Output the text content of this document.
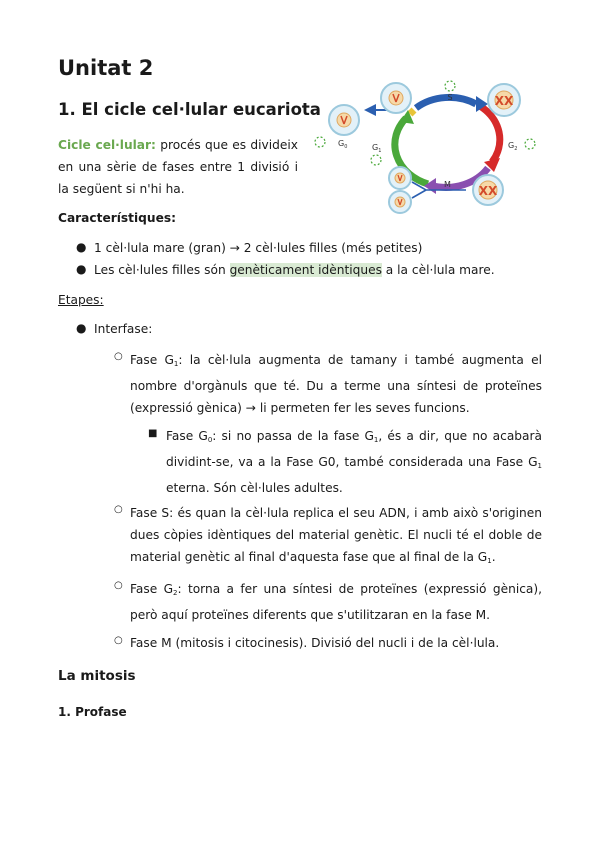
Unitat 2
1. El cicle cel·lular eucariota
Cicle cel·lular: procés que es divideix en una sèrie de fases entre 1 divisió i la següent si n'hi ha.
XX
XX
S
$G_0$	$G_1$
$G_2$
M
Característiques:
● 1 cèl·lula mare (gran) → 2 cèl·lules filles (més petites)
● Les cèl·lules filles són genèticament idèntiques a la cèl·lula mare.
Etapes:
● Interfase:
○ Fase $G_1$: la cèl·lula augmenta de tamany i també augmenta el nombre d'orgànuls que té. Du a terme una síntesi de proteïnes (expressió gènica) → li permeten fer les seves funcions.
■ Fase $G_0$: si no passa de la fase $G_1$, és a dir, que no acabarà dividint-se, va a la Fase G0, també considerada una Fase $G_1$ eterna. Són cèl·lules adultes.
○ Fase S: és quan la cèl·lula replica el seu ADN, i amb això s'originen dues còpies idèntiques del material genètic. El nucli té el doble de material genètic al final d'aquesta fase que al final de la $G_1$.
○ Fase $G_2$: torna a fer una síntesi de proteïnes (expressió gènica), però aquí proteïnes diferents que s'utilitzaran en la fase M.
○ Fase M (mitosis i citocinesis). Divisió del nucli i de la cèl·lula.
La mitosis
1. Profase
